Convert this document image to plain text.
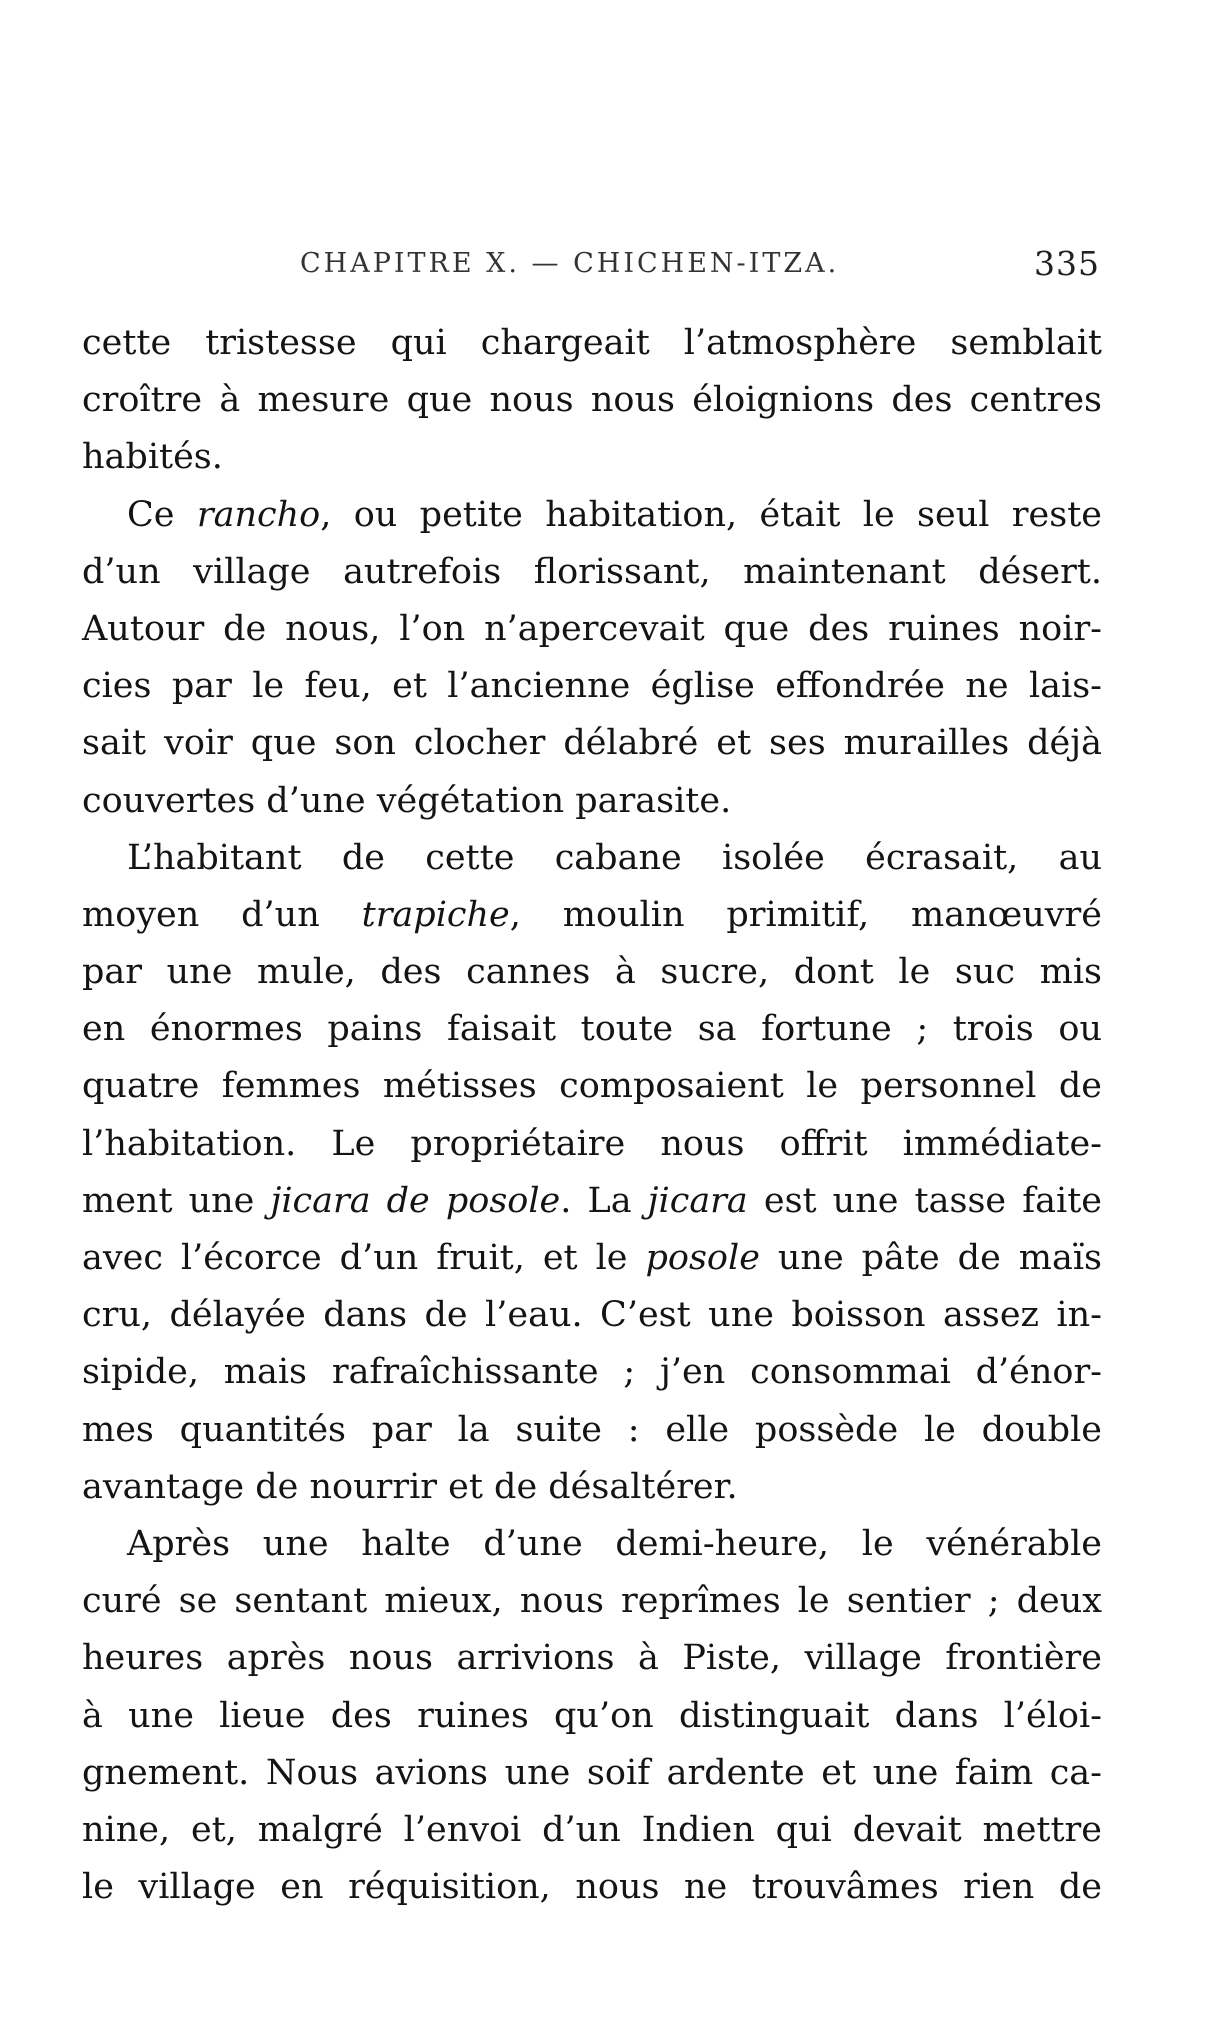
CHAPITRE X. — CHICHEN-ITZA.	335
cette tristesse qui chargeait l’atmosphère semblait
croître à mesure que nous nous éloignions des centres
habités.
Ce rancho, ou petite habitation, était le seul reste
d’un village autrefois florissant, maintenant désert.
Autour de nous, l’on n’apercevait que des ruines noir-
cies par le feu, et l’ancienne église effondrée ne lais-
sait voir que son clocher délabré et ses murailles déjà
couvertes d’une végétation parasite.
L’habitant de cette cabane isolée écrasait, au
moyen d’un trapiche, moulin primitif, manœuvré
par une mule, des cannes à sucre, dont le suc mis
en énormes pains faisait toute sa fortune ; trois ou
quatre femmes métisses composaient le personnel de
l’habitation. Le propriétaire nous offrit immédiate-
ment une jicara de posole. La jicara est une tasse faite
avec l’écorce d’un fruit, et le posole une pâte de maïs
cru, délayée dans de l’eau. C’est une boisson assez in-
sipide, mais rafraîchissante ; j’en consommai d’énor-
mes quantités par la suite : elle possède le double
avantage de nourrir et de désaltérer.
Après une halte d’une demi-heure, le vénérable
curé se sentant mieux, nous reprîmes le sentier ; deux
heures après nous arrivions à Piste, village frontière
à une lieue des ruines qu’on distinguait dans l’éloi-
gnement. Nous avions une soif ardente et une faim ca-
nine, et, malgré l’envoi d’un Indien qui devait mettre
le village en réquisition, nous ne trouvâmes rien de
